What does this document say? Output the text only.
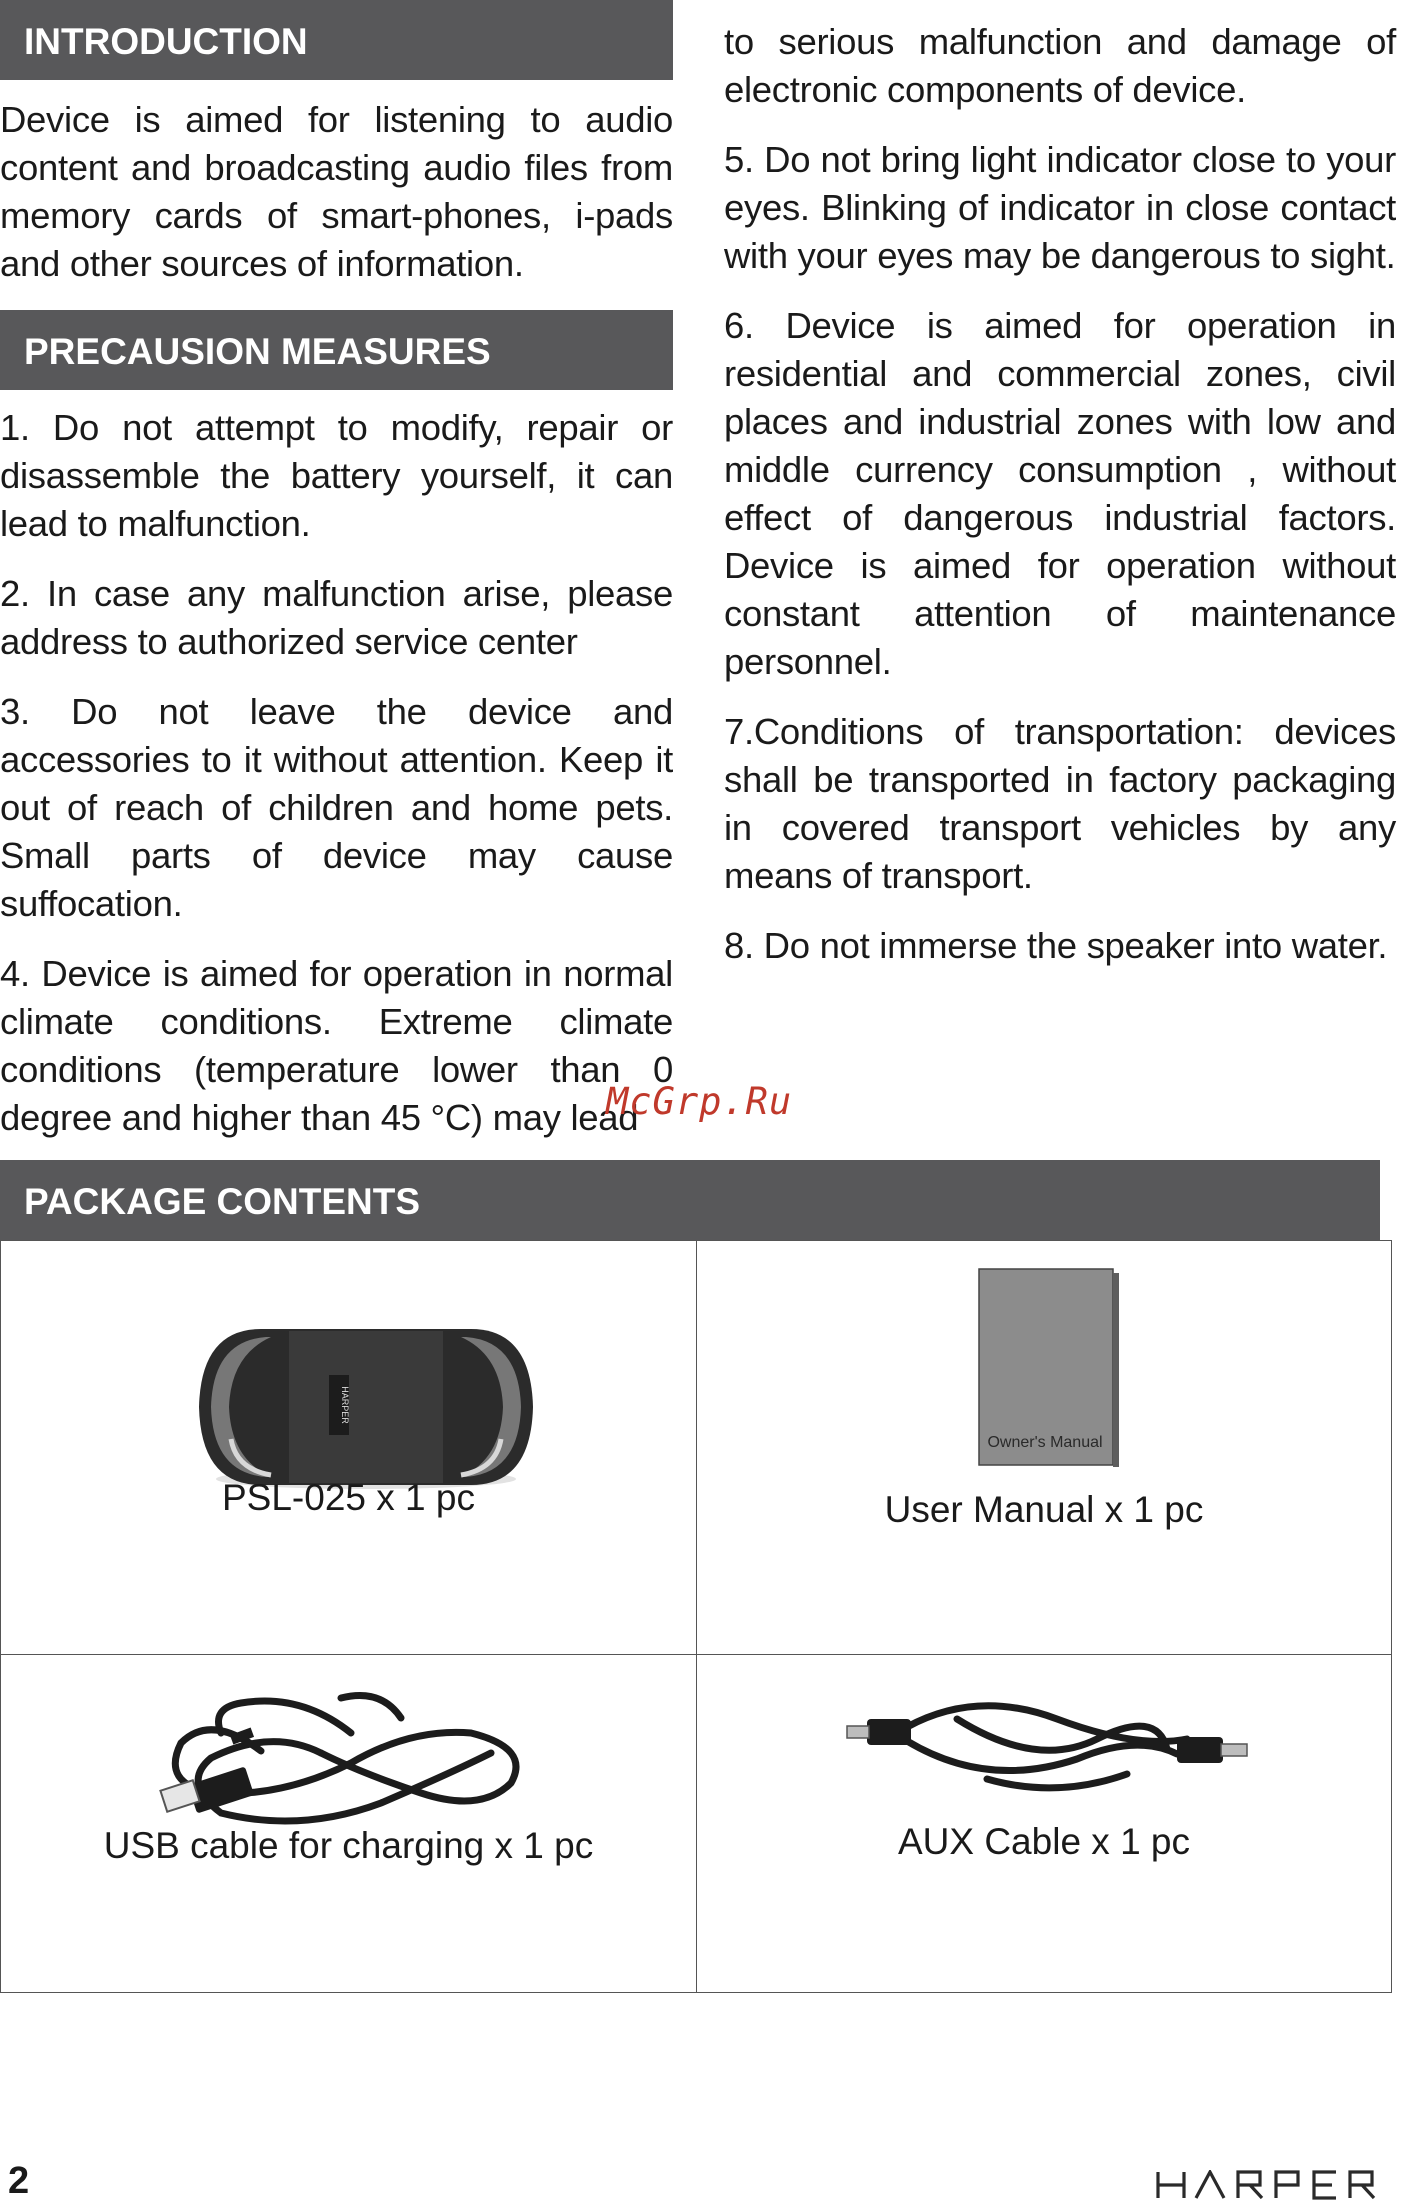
INTRODUCTION

Device is aimed for listening to audio content and broadcasting audio files from memory cards of smart-phones, i-pads and other sources of information.

PRECAUSION MEASURES

1. Do not attempt to modify, repair or disassemble the battery yourself, it can lead to malfunction.

2. In case any malfunction arise, please address to authorized service center

3. Do not leave the device and accessories to it without attention. Keep it out of reach of children and home pets. Small parts of device may cause suffocation.

4. Device is aimed for operation in normal climate conditions. Extreme climate conditions (temperature lower than 0 degree and higher than 45 °C) may lead

to serious malfunction and damage of electronic components of device.

5. Do not bring light indicator close to your eyes. Blinking of indicator in close contact with your eyes may be dangerous to sight.

6. Device is aimed for operation in residential and commercial zones, civil places and industrial zones with low and middle currency consumption , without effect of dangerous industrial factors. Device is aimed for operation without constant attention of maintenance personnel.

7.Conditions of transportation: devices shall be transported in factory packaging in covered transport vehicles by any means of transport.

8. Do not immerse the speaker into water.

McGrp.Ru
PACKAGE CONTENTS
HARPER
PSL-025 x 1 pc
Owner's Manual
User Manual x 1 pc
USB cable for charging x 1 pc	AUX Cable x 1 pc
2
